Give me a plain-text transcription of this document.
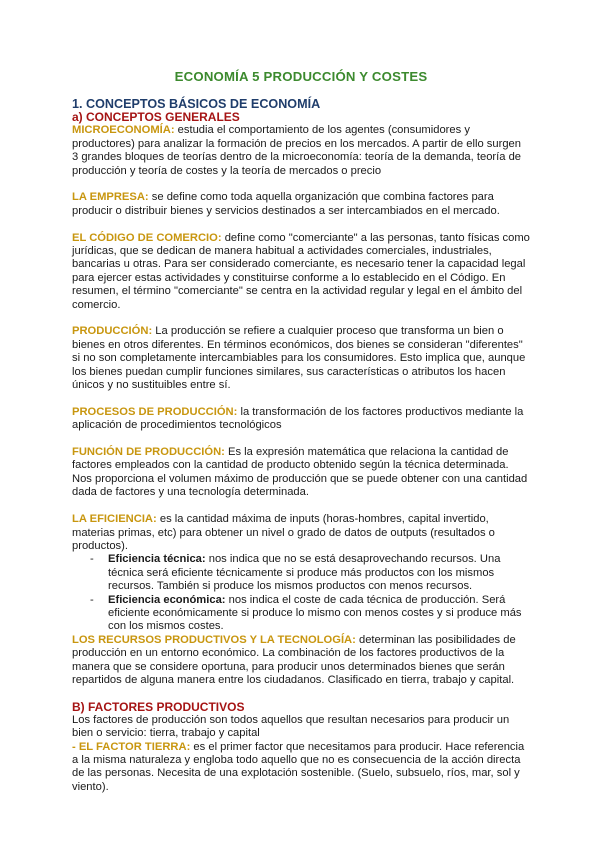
ECONOMÍA 5 PRODUCCIÓN Y COSTES
1. CONCEPTOS BÁSICOS DE ECONOMÍA
a) CONCEPTOS GENERALES

MICROECONOMÍA: estudia el comportamiento de los agentes (consumidores y productores) para analizar la formación de precios en los mercados. A partir de ello surgen 3 grandes bloques de teorías dentro de la microeconomía: teoría de la demanda, teoría de producción y teoría de costes y la teoría de mercados o precio

LA EMPRESA: se define como toda aquella organización que combina factores para producir o distribuir bienes y servicios destinados a ser intercambiados en el mercado.

EL CÓDIGO DE COMERCIO: define como "comerciante" a las personas, tanto físicas como jurídicas, que se dedican de manera habitual a actividades comerciales, industriales, bancarias u otras. Para ser considerado comerciante, es necesario tener la capacidad legal para ejercer estas actividades y constituirse conforme a lo establecido en el Código. En resumen, el término "comerciante" se centra en la actividad regular y legal en el ámbito del comercio.

PRODUCCIÓN: La producción se refiere a cualquier proceso que transforma un bien o bienes en otros diferentes. En términos económicos, dos bienes se consideran "diferentes" si no son completamente intercambiables para los consumidores. Esto implica que, aunque los bienes puedan cumplir funciones similares, sus características o atributos los hacen únicos y no sustituibles entre sí.

PROCESOS DE PRODUCCIÓN: la transformación de los factores productivos mediante la aplicación de procedimientos tecnológicos

FUNCIÓN DE PRODUCCIÓN: Es la expresión matemática que relaciona la cantidad de factores empleados con la cantidad de producto obtenido según la técnica determinada. Nos proporciona el volumen máximo de producción que se puede obtener con una cantidad dada de factores y una tecnología determinada.

LA EFICIENCIA: es la cantidad máxima de inputs (horas-hombres, capital invertido, materias primas, etc) para obtener un nivel o grado de datos de outputs (resultados o productos).

- Eficiencia técnica: nos indica que no se está desaprovechando recursos. Una técnica será eficiente técnicamente si produce más productos con los mismos recursos. También si produce los mismos productos con menos recursos.
- Eficiencia económica: nos indica el coste de cada técnica de producción. Será eficiente económicamente si produce lo mismo con menos costes y si produce más con los mismos costes.

LOS RECURSOS PRODUCTIVOS Y LA TECNOLOGÍA: determinan las posibilidades de producción en un entorno económico. La combinación de los factores productivos de la manera que se considere oportuna, para producir unos determinados bienes que serán repartidos de alguna manera entre los ciudadanos. Clasificado en tierra, trabajo y capital.

B) FACTORES PRODUCTIVOS

Los factores de producción son todos aquellos que resultan necesarios para producir un bien o servicio: tierra, trabajo y capital

- EL FACTOR TIERRA: es el primer factor que necesitamos para producir. Hace referencia a la misma naturaleza y engloba todo aquello que no es consecuencia de la acción directa de las personas. Necesita de una explotación sostenible. (Suelo, subsuelo, ríos, mar, sol y viento).
